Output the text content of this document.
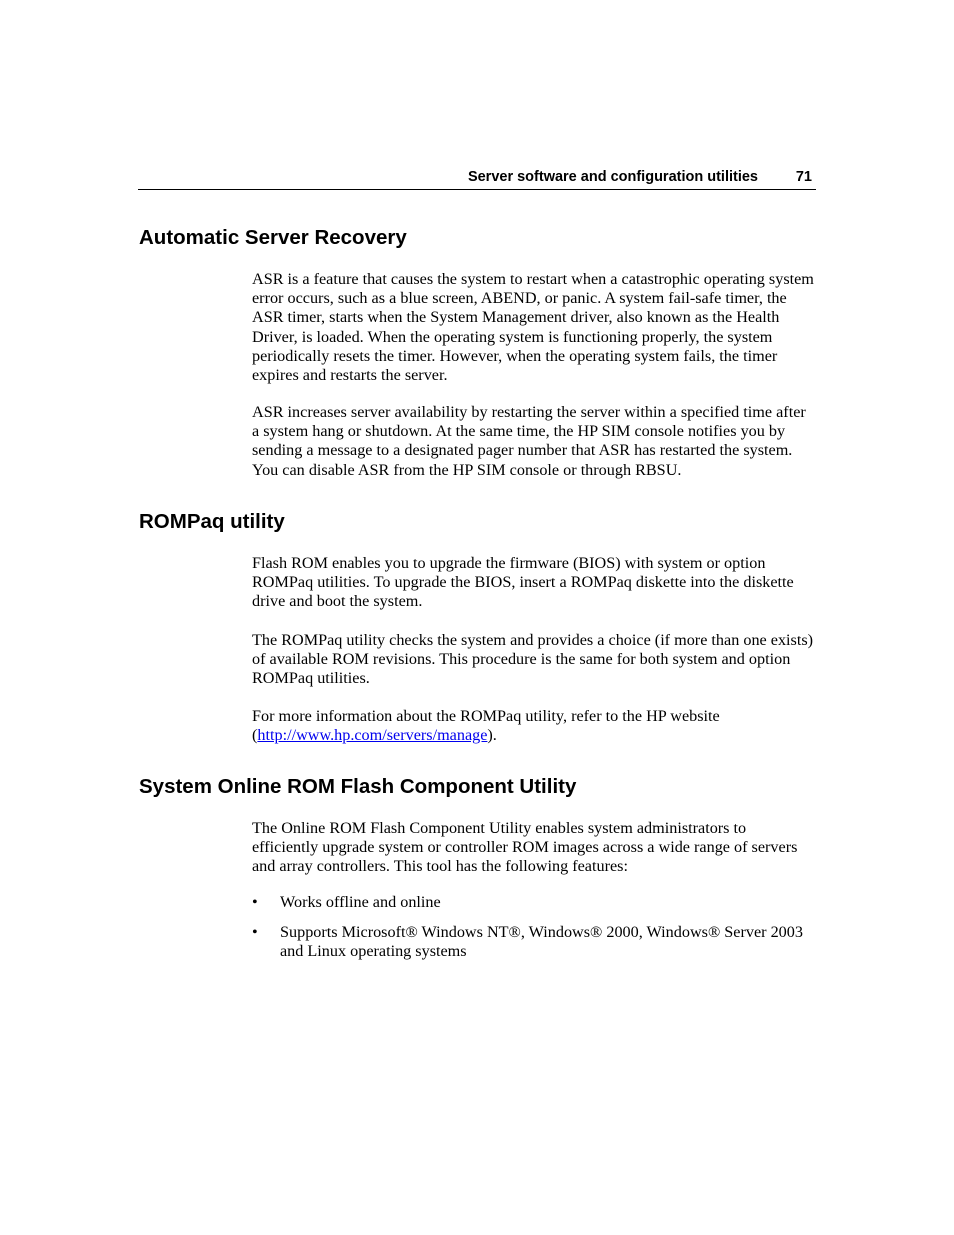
Server software and configuration utilities	71
Automatic Server Recovery

ASR is a feature that causes the system to restart when a catastrophic operating system error occurs, such as a blue screen, ABEND, or panic. A system fail-safe timer, the ASR timer, starts when the System Management driver, also known as the Health Driver, is loaded. When the operating system is functioning properly, the system periodically resets the timer. However, when the operating system fails, the timer expires and restarts the server.

ASR increases server availability by restarting the server within a specified time after a system hang or shutdown. At the same time, the HP SIM console notifies you by sending a message to a designated pager number that ASR has restarted the system. You can disable ASR from the HP SIM console or through RBSU.

ROMPaq utility

Flash ROM enables you to upgrade the firmware (BIOS) with system or option ROMPaq utilities. To upgrade the BIOS, insert a ROMPaq diskette into the diskette drive and boot the system.

The ROMPaq utility checks the system and provides a choice (if more than one exists) of available ROM revisions. This procedure is the same for both system and option ROMPaq utilities.

For more information about the ROMPaq utility, refer to the HP website (http://www.hp.com/servers/manage).

System Online ROM Flash Component Utility

The Online ROM Flash Component Utility enables system administrators to efficiently upgrade system or controller ROM images across a wide range of servers and array controllers. This tool has the following features:

• Works offline and online
• Supports Microsoft® Windows NT®, Windows® 2000, Windows® Server 2003 and Linux operating systems
